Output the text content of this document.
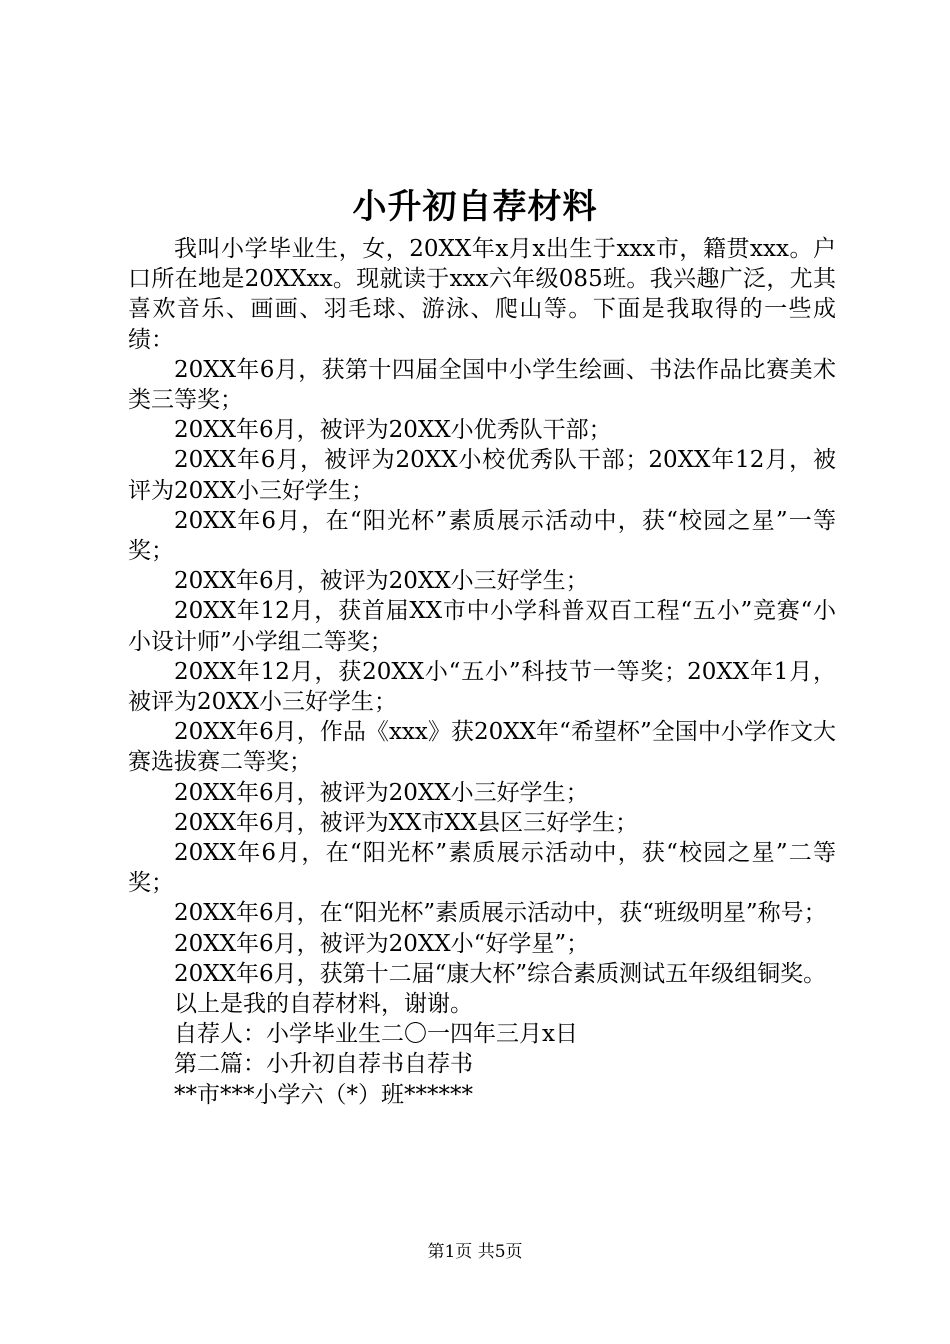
小升初自荐材料

我叫小学毕业生，女，20XX年x月x出生于xxx市，籍贯xxx。户口所在地是20XXxx。现就读于xxx六年级085班。我兴趣广泛，尤其喜欢音乐、画画、羽毛球、游泳、爬山等。下面是我取得的一些成绩：

20XX年6月，获第十四届全国中小学生绘画、书法作品比赛美术类三等奖；

20XX年6月，被评为20XX小优秀队干部；

20XX年6月，被评为20XX小校优秀队干部；20XX年12月，被评为20XX小三好学生；

20XX年6月，在“阳光杯”素质展示活动中，获“校园之星”一等奖；

20XX年6月，被评为20XX小三好学生；

20XX年12月，获首届XX市中小学科普双百工程“五小”竞赛“小小设计师”小学组二等奖；

20XX年12月，获20XX小“五小”科技节一等奖；20XX年1月，被评为20XX小三好学生；

20XX年6月，作品《xxx》获20XX年“希望杯”全国中小学作文大赛选拔赛二等奖；

20XX年6月，被评为20XX小三好学生；

20XX年6月，被评为XX市XX县区三好学生；

20XX年6月，在“阳光杯”素质展示活动中，获“校园之星”二等奖；

20XX年6月，在“阳光杯”素质展示活动中，获“班级明星”称号；

20XX年6月，被评为20XX小“好学星”；

20XX年6月，获第十二届“康大杯”综合素质测试五年级组铜奖。

以上是我的自荐材料，谢谢。

自荐人：小学毕业生二〇一四年三月x日

第二篇：小升初自荐书自荐书

**市***小学六（*）班******

第1页 共5页
